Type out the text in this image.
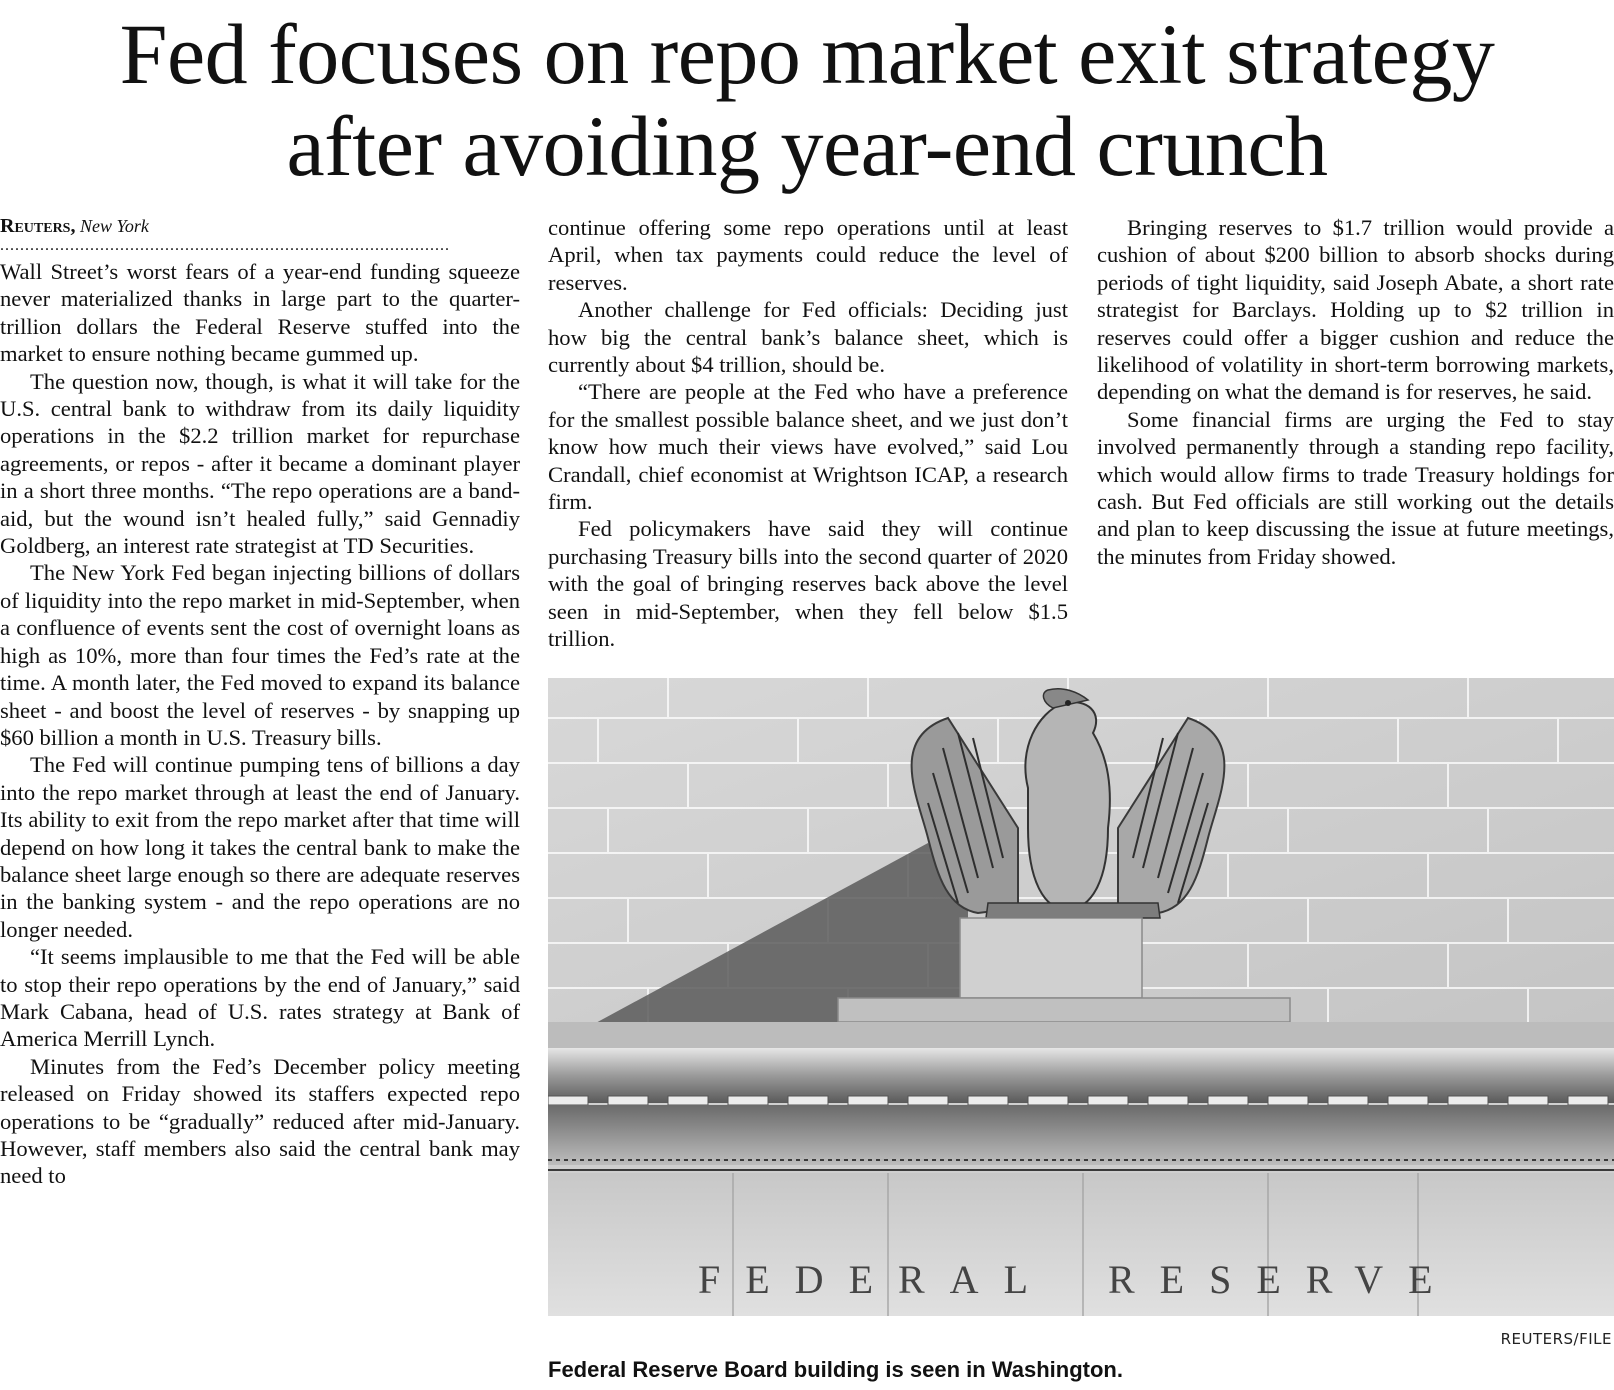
Fed focuses on repo market exit strategy
after avoiding year-end crunch
Reuters, New York
..........................................................................................

Wall Street’s worst fears of a year-end funding squeeze never materialized thanks in large part to the quarter-trillion dollars the Federal Reserve stuffed into the market to ensure nothing became gummed up.

The question now, though, is what it will take for the U.S. central bank to withdraw from its daily liquidity operations in the $2.2 trillion market for repurchase agreements, or repos - after it became a dominant player in a short three months. “The repo operations are a band-aid, but the wound isn’t healed fully,” said Gennadiy Goldberg, an interest rate strategist at TD Securities.

The New York Fed began injecting billions of dollars of liquidity into the repo market in mid-September, when a confluence of events sent the cost of overnight loans as high as 10%, more than four times the Fed’s rate at the time. A month later, the Fed moved to expand its balance sheet - and boost the level of reserves - by snapping up $60 billion a month in U.S. Treasury bills.

The Fed will continue pumping tens of billions a day into the repo market through at least the end of January. Its ability to exit from the repo market after that time will depend on how long it takes the central bank to make the balance sheet large enough so there are adequate reserves in the banking system - and the repo operations are no longer needed.

“It seems implausible to me that the Fed will be able to stop their repo operations by the end of January,” said Mark Cabana, head of U.S. rates strategy at Bank of America Merrill Lynch.

Minutes from the Fed’s December policy meeting released on Friday showed its staffers expected repo operations to be “gradually” reduced after mid-January. However, staff members also said the central bank may need to

continue offering some repo operations until at least April, when tax payments could reduce the level of reserves.

Another challenge for Fed officials: Deciding just how big the central bank’s balance sheet, which is currently about $4 trillion, should be.

“There are people at the Fed who have a preference for the smallest possible balance sheet, and we just don’t know how much their views have evolved,” said Lou Crandall, chief economist at Wrightson ICAP, a research firm.

Fed policymakers have said they will continue purchasing Treasury bills into the second quarter of 2020 with the goal of bringing reserves back above the level seen in mid-September, when they fell below $1.5 trillion.

Bringing reserves to $1.7 trillion would provide a cushion of about $200 billion to absorb shocks during periods of tight liquidity, said Joseph Abate, a short rate strategist for Barclays. Holding up to $2 trillion in reserves could offer a bigger cushion and reduce the likelihood of volatility in short-term borrowing markets, depending on what the demand is for reserves, he said.

Some financial firms are urging the Fed to stay involved permanently through a standing repo facility, which would allow firms to trade Treasury holdings for cash. But Fed officials are still working out the details and plan to keep discussing the issue at future meetings, the minutes from Friday showed.

FEDERAL RESERVE
REUTERS/FILE
Federal Reserve Board building is seen in Washington.
